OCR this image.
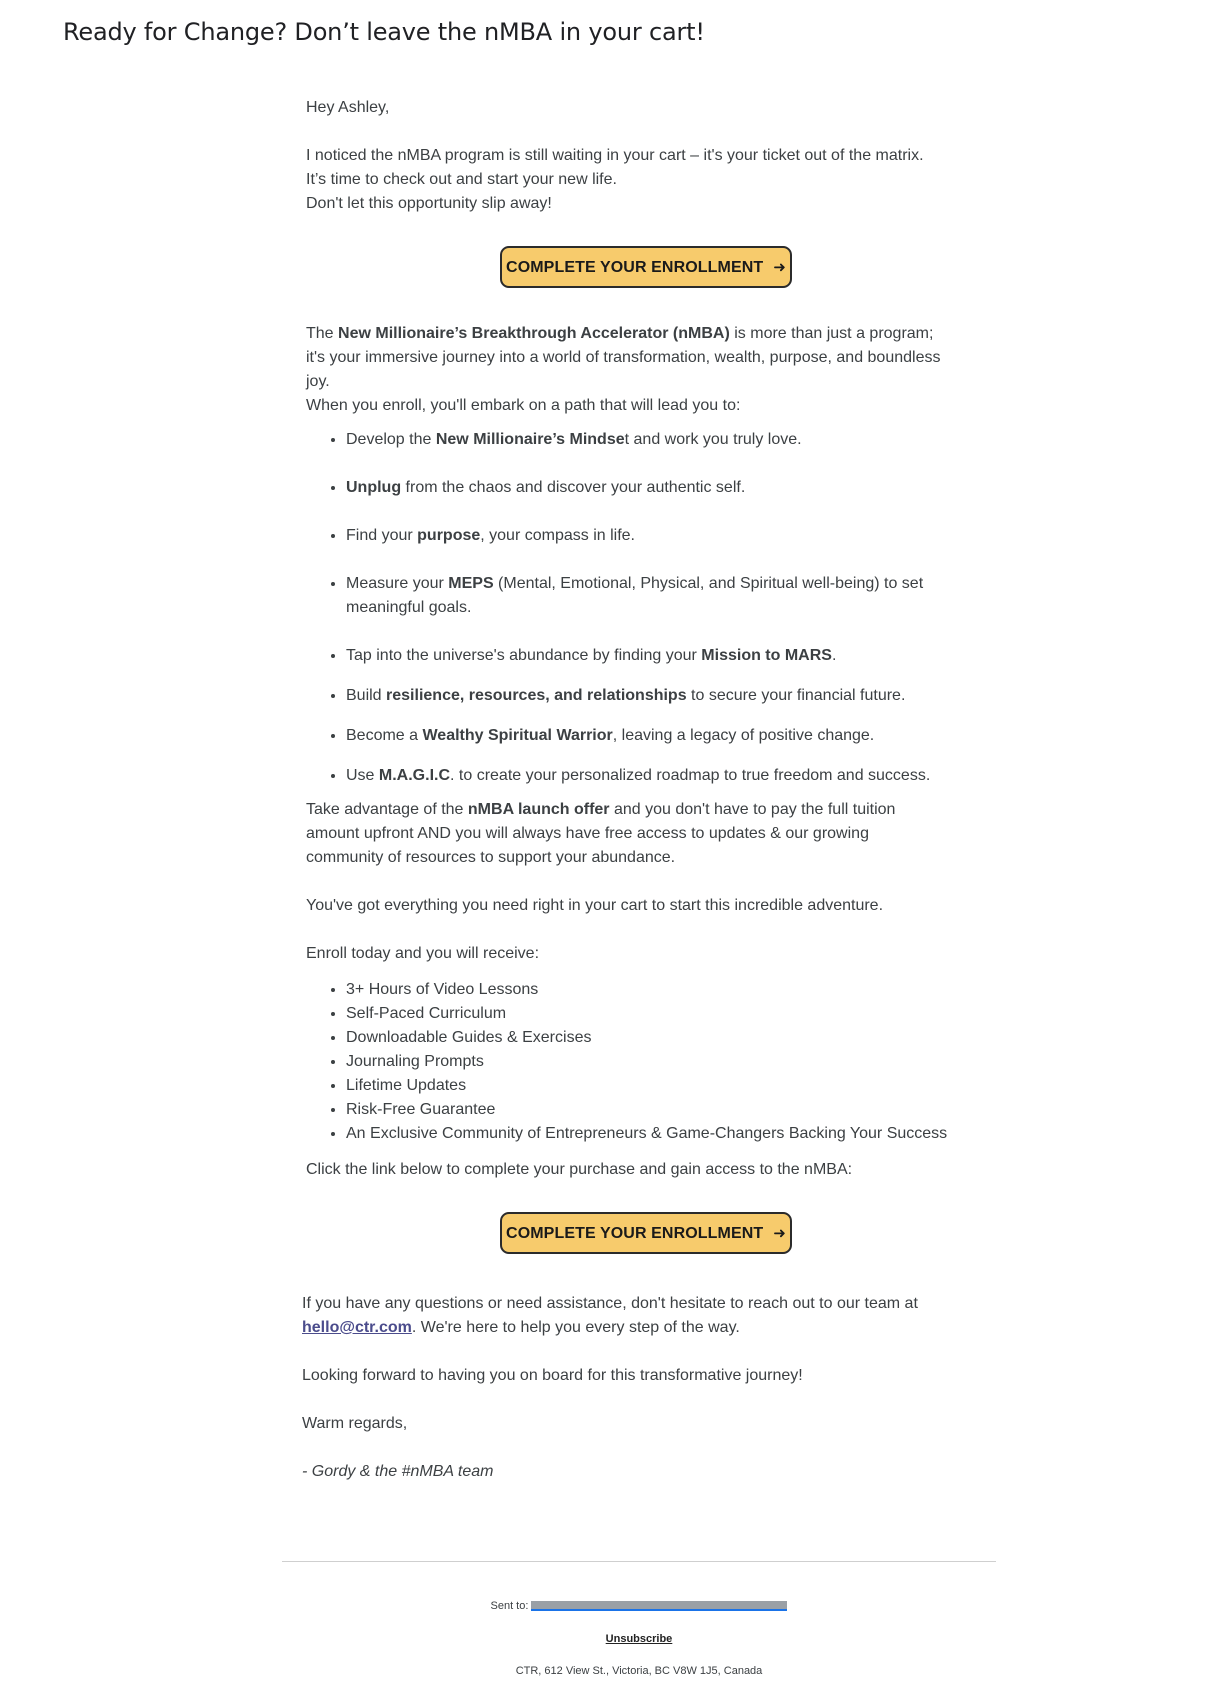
Ready for Change? Don’t leave the nMBA in your cart!

Hey Ashley,

I noticed the nMBA program is still waiting in your cart – it's your ticket out of the matrix. It’s time to check out and start your new life.

Don't let this opportunity slip away!

COMPLETE YOUR ENROLLMENT ➜

The New Millionaire’s Breakthrough Accelerator (nMBA) is more than just a program; it's your immersive journey into a world of transformation, wealth, purpose, and boundless joy.

When you enroll, you'll embark on a path that will lead you to:

• Develop the New Millionaire’s Mindset and work you truly love.
• Unplug from the chaos and discover your authentic self.
• Find your purpose, your compass in life.
• Measure your MEPS (Mental, Emotional, Physical, and Spiritual well-being) to set meaningful goals.
• Tap into the universe's abundance by finding your Mission to MARS.
• Build resilience, resources, and relationships to secure your financial future.
• Become a Wealthy Spiritual Warrior, leaving a legacy of positive change.
• Use M.A.G.I.C. to create your personalized roadmap to true freedom and success.

Take advantage of the nMBA launch offer and you don't have to pay the full tuition amount upfront AND you will always have free access to updates & our growing community of resources to support your abundance.

You've got everything you need right in your cart to start this incredible adventure.

Enroll today and you will receive:

• 3+ Hours of Video Lessons
• Self-Paced Curriculum
• Downloadable Guides & Exercises
• Journaling Prompts
• Lifetime Updates
• Risk-Free Guarantee
• An Exclusive Community of Entrepreneurs & Game-Changers Backing Your Success

Click the link below to complete your purchase and gain access to the nMBA:

COMPLETE YOUR ENROLLMENT ➜

If you have any questions or need assistance, don't hesitate to reach out to our team at hello@ctr.com. We're here to help you every step of the way.

Looking forward to having you on board for this transformative journey!

Warm regards,

- Gordy & the #nMBA team

Sent to:
Unsubscribe
CTR, 612 View St., Victoria, BC V8W 1J5, Canada
